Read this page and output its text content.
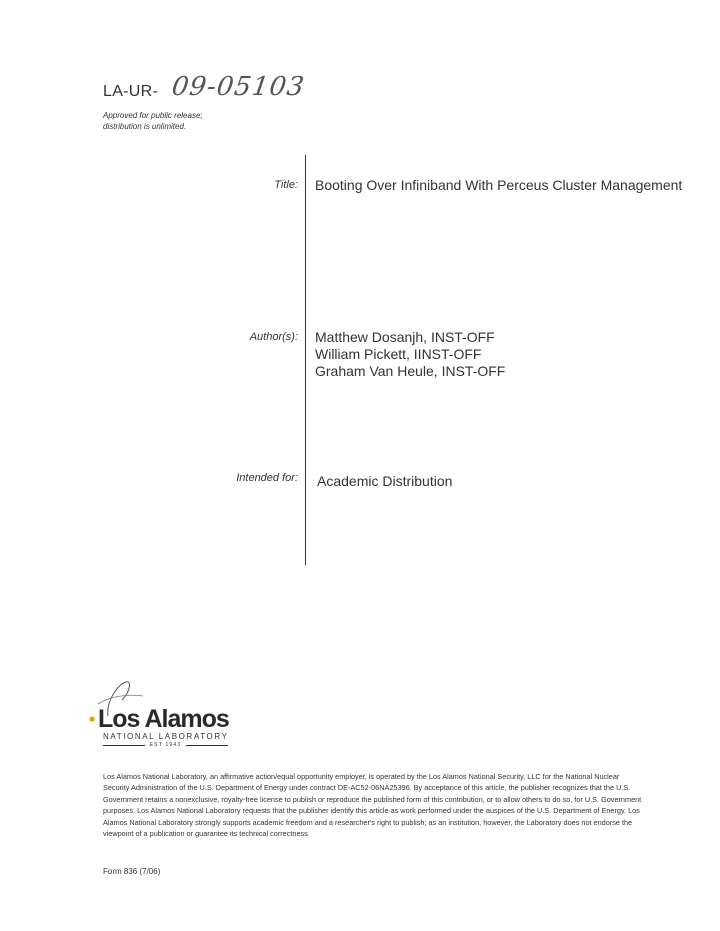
LA-UR- 09-05103
Approved for public release;
distribution is unlimited.
Title: Booting Over Infiniband With Perceus Cluster Management
Author(s): Matthew Dosanjh, INST-OFF
William Pickett, IINST-OFF
Graham Van Heule, INST-OFF
Intended for: Academic Distribution
Los Alamos
NATIONAL LABORATORY
EST 1943
Los Alamos National Laboratory, an affirmative action/equal opportunity employer, is operated by the Los Alamos National Security, LLC for the National Nuclear Security Administration of the U.S. Department of Energy under contract DE-AC52-06NA25396. By acceptance of this article, the publisher recognizes that the U.S. Government retains a nonexclusive, royalty-free license to publish or reproduce the published form of this contribution, or to allow others to do so, for U.S. Government purposes. Los Alamos National Laboratory requests that the publisher identify this article as work performed under the auspices of the U.S. Department of Energy. Los Alamos National Laboratory strongly supports academic freedom and a researcher's right to publish; as an institution, however, the Laboratory does not endorse the viewpoint of a publication or guarantee its technical correctness.
Form 836 (7/06)
